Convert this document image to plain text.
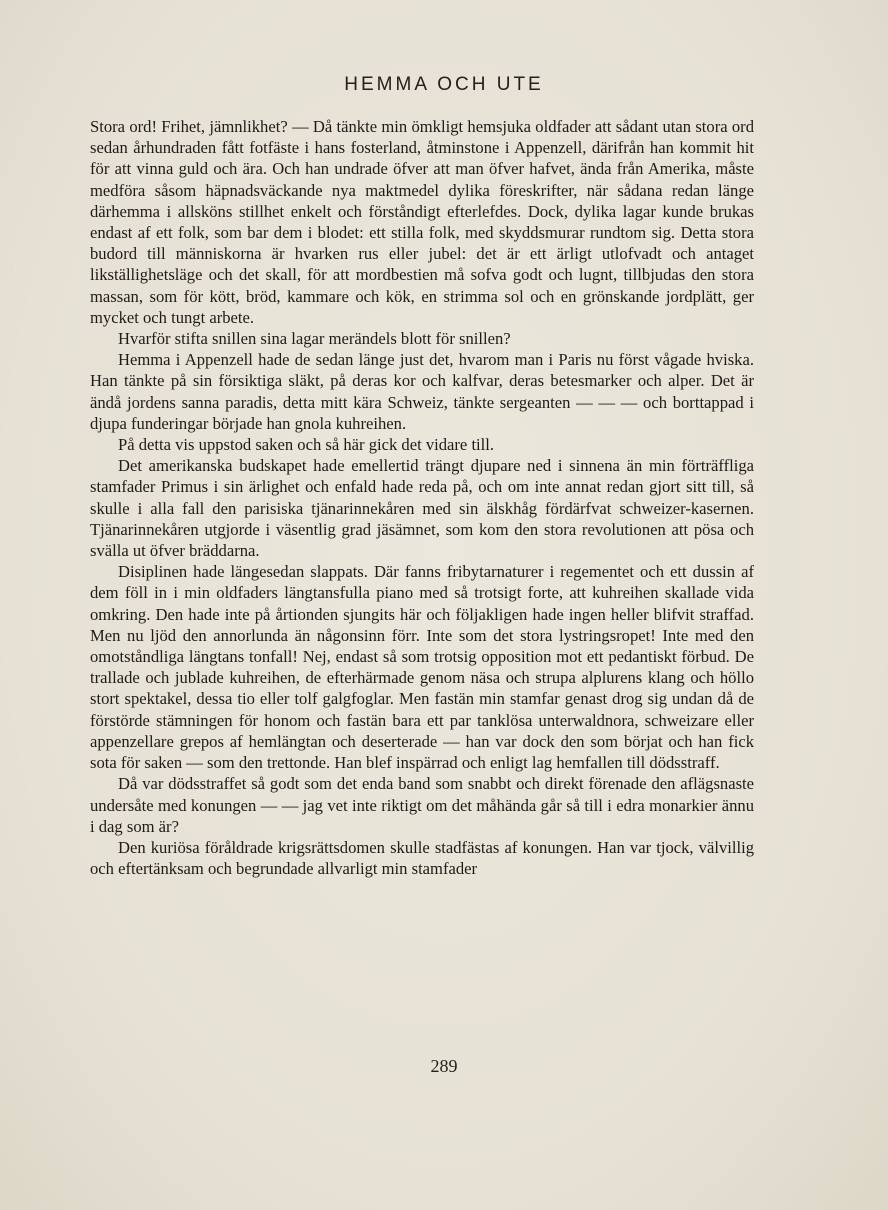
HEMMA OCH UTE

Stora ord! Frihet, jämnlikhet? — Då tänkte min ömkligt hemsjuka oldfader att sådant utan stora ord sedan århundraden fått fotfäste i hans fosterland, åtminstone i Appenzell, därifrån han kommit hit för att vinna guld och ära. Och han undrade öfver att man öfver hafvet, ända från Amerika, måste medföra såsom häpnadsväckande nya maktmedel dylika föreskrifter, när sådana redan länge därhemma i allsköns stillhet enkelt och förståndigt efterlefdes. Dock, dylika lagar kunde brukas endast af ett folk, som bar dem i blodet: ett stilla folk, med skyddsmurar rundtom sig. Detta stora budord till människorna är hvarken rus eller jubel: det är ett ärligt utlofvadt och antaget likställighetsläge och det skall, för att mordbestien må sofva godt och lugnt, tillbjudas den stora massan, som för kött, bröd, kammare och kök, en strimma sol och en grönskande jordplätt, ger mycket och tungt arbete.

Hvarför stifta snillen sina lagar merändels blott för snillen?

Hemma i Appenzell hade de sedan länge just det, hvarom man i Paris nu först vågade hviska. Han tänkte på sin försiktiga släkt, på deras kor och kalfvar, deras betesmarker och alper. Det är ändå jordens sanna paradis, detta mitt kära Schweiz, tänkte sergeanten — — — och borttappad i djupa funderingar började han gnola kuhreihen.

På detta vis uppstod saken och så här gick det vidare till.

Det amerikanska budskapet hade emellertid trängt djupare ned i sinnena än min förträffliga stamfader Primus i sin ärlighet och enfald hade reda på, och om inte annat redan gjort sitt till, så skulle i alla fall den parisiska tjänarinnekåren med sin älskhåg fördärfvat schweizer-kasernen. Tjänarinnekåren utgjorde i väsentlig grad jäsämnet, som kom den stora revolutionen att pösa och svälla ut öfver bräddarna.

Disiplinen hade längesedan slappats. Där fanns fribytarnaturer i regementet och ett dussin af dem föll in i min oldfaders längtansfulla piano med så trotsigt forte, att kuhreihen skallade vida omkring. Den hade inte på årtionden sjungits här och följakligen hade ingen heller blifvit straffad. Men nu ljöd den annorlunda än någonsinn förr. Inte som det stora lystringsropet! Inte med den omotståndliga längtans tonfall! Nej, endast så som trotsig opposition mot ett pedantiskt förbud. De trallade och jublade kuhreihen, de efterhärmade genom näsa och strupa alplurens klang och höllo stort spektakel, dessa tio eller tolf galgfoglar. Men fastän min stamfar genast drog sig undan då de förstörde stämningen för honom och fastän bara ett par tanklösa unterwaldnora, schweizare eller appenzellare grepos af hemlängtan och deserterade — han var dock den som börjat och han fick sota för saken — som den trettonde. Han blef inspärrad och enligt lag hemfallen till dödsstraff.

Då var dödsstraffet så godt som det enda band som snabbt och direkt förenade den aflägsnaste undersåte med konungen — — jag vet inte riktigt om det måhända går så till i edra monarkier ännu i dag som är?

Den kuriösa föråldrade krigsrättsdomen skulle stadfästas af konungen. Han var tjock, välvillig och eftertänksam och begrundade allvarligt min stamfader

289
